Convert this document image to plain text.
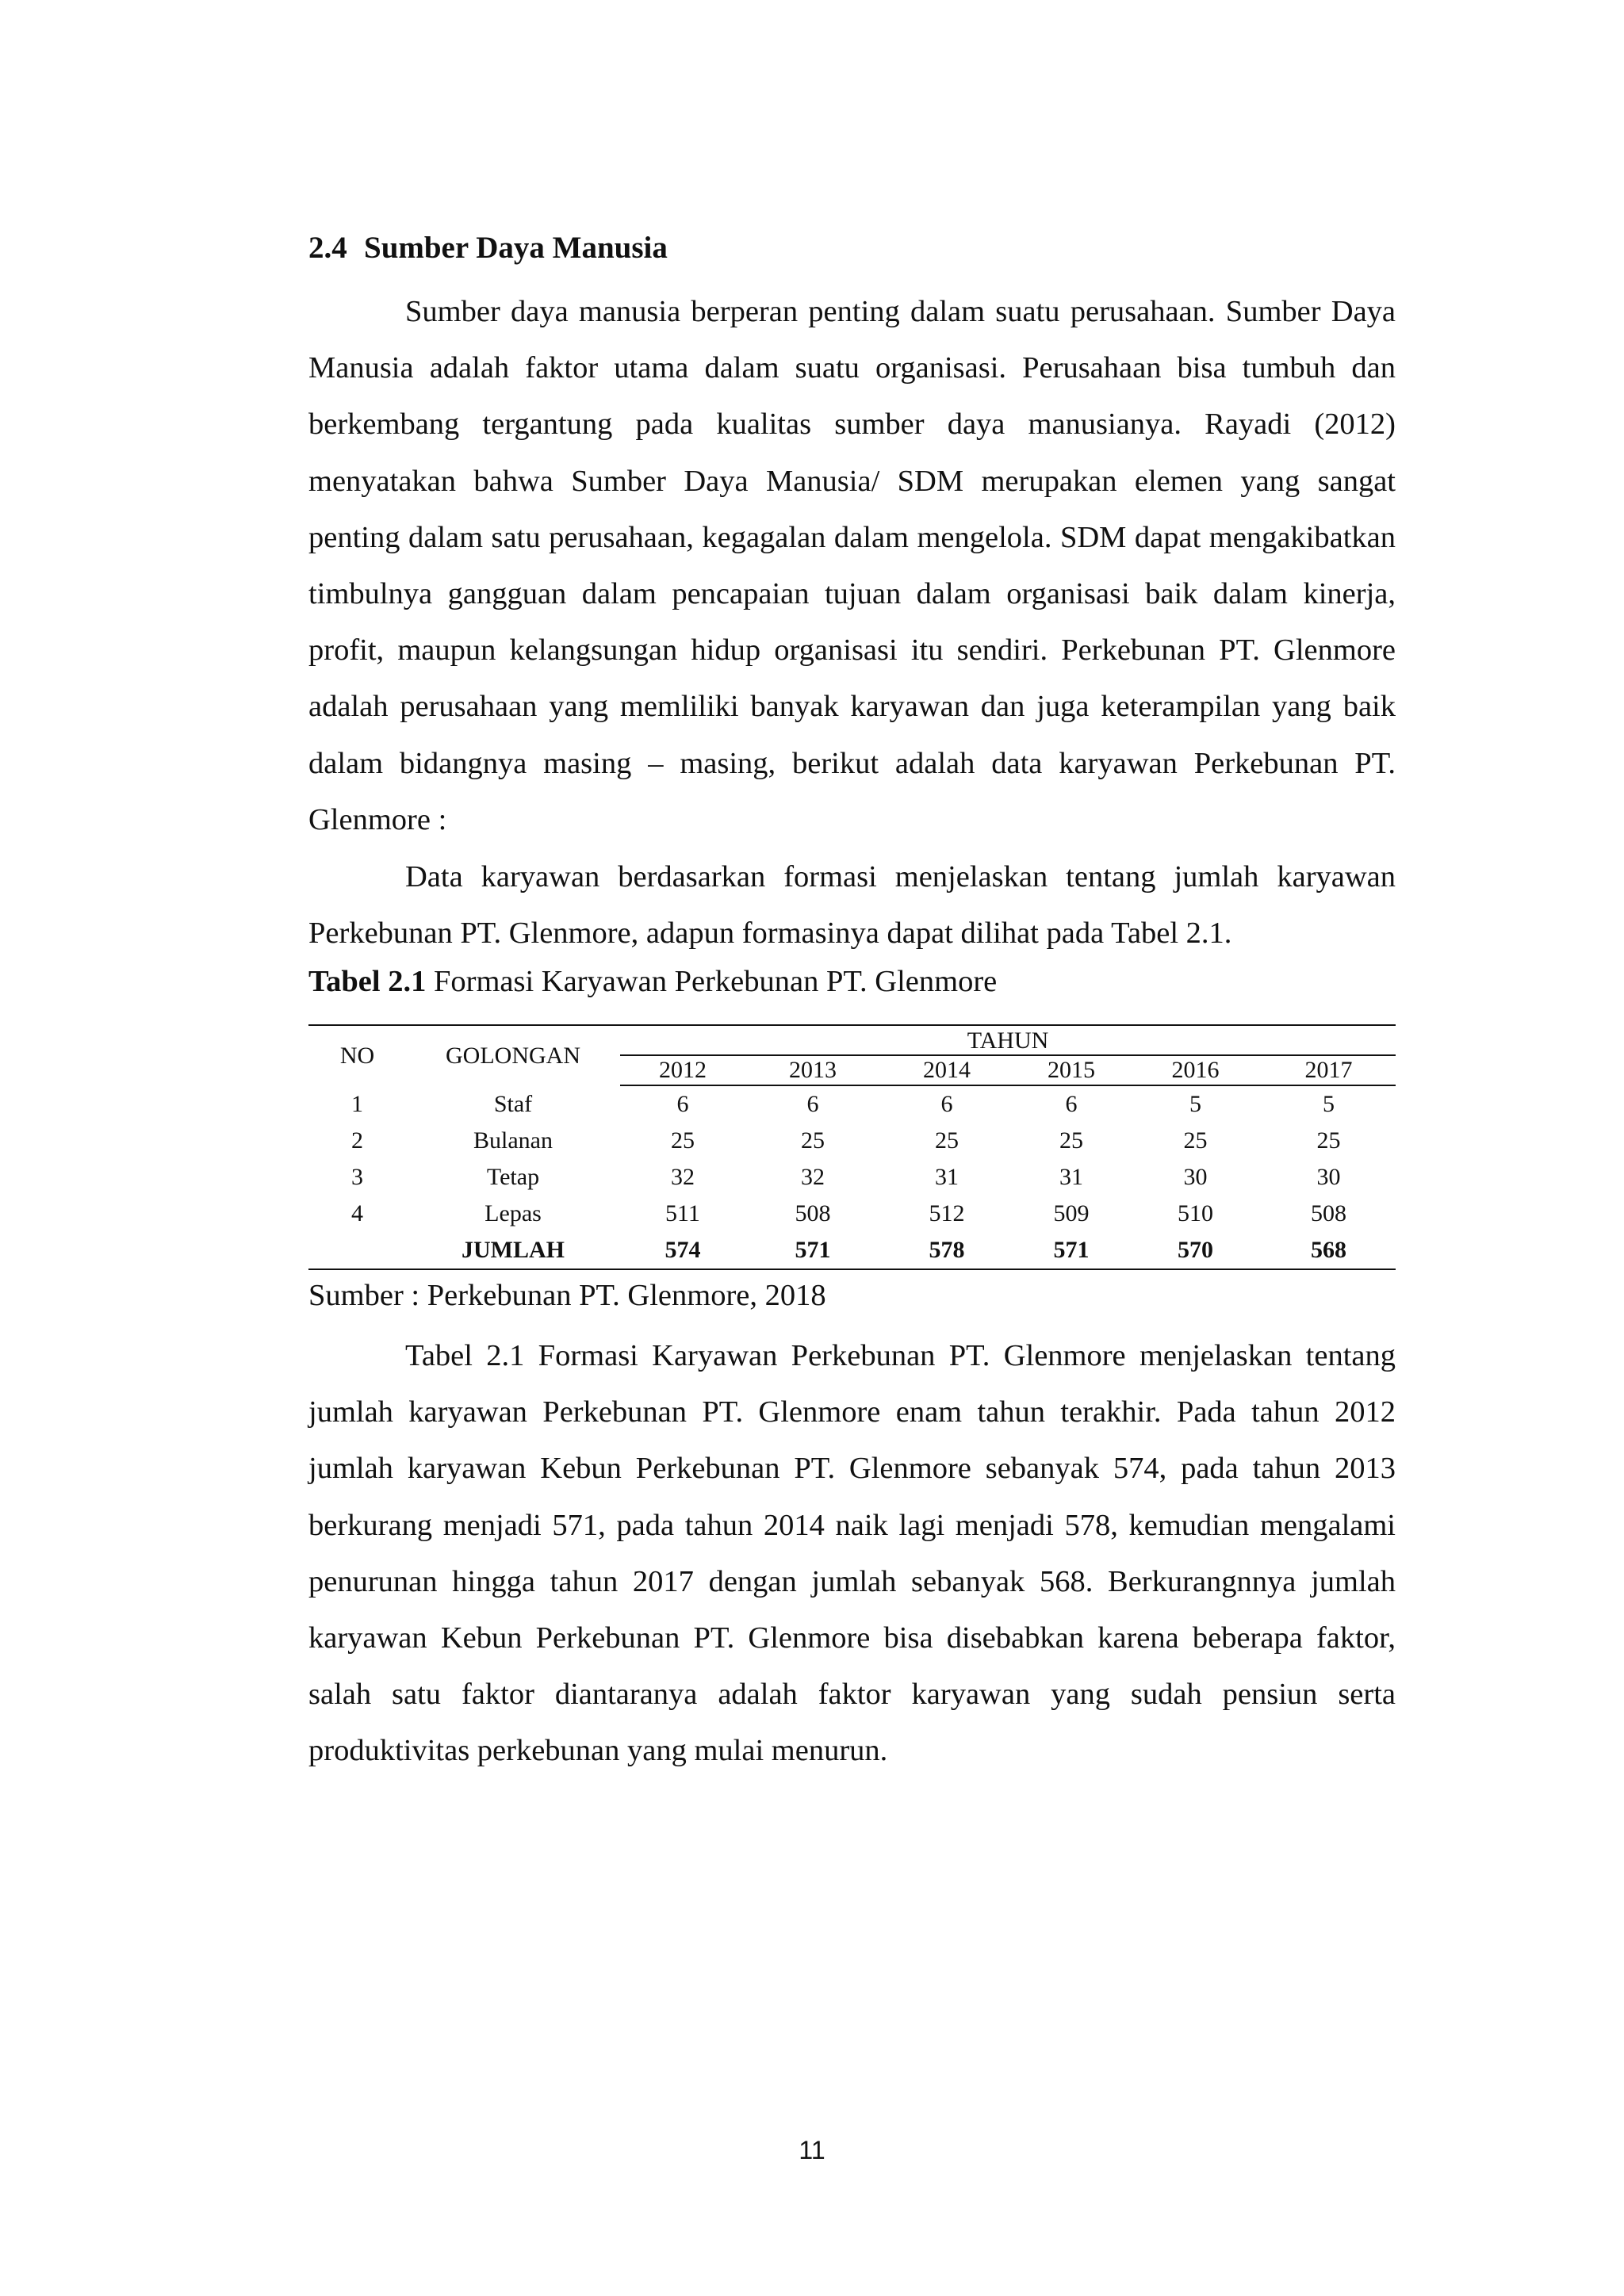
2.4 Sumber Daya Manusia

Sumber daya manusia berperan penting dalam suatu perusahaan. Sumber Daya Manusia adalah faktor utama dalam suatu organisasi. Perusahaan bisa tumbuh dan berkembang tergantung pada kualitas sumber daya manusianya. Rayadi (2012) menyatakan bahwa Sumber Daya Manusia/ SDM merupakan elemen yang sangat penting dalam satu perusahaan, kegagalan dalam mengelola. SDM dapat mengakibatkan timbulnya gangguan dalam pencapaian tujuan dalam organisasi baik dalam kinerja, profit, maupun kelangsungan hidup organisasi itu sendiri. Perkebunan PT. Glenmore adalah perusahaan yang memliliki banyak karyawan dan juga keterampilan yang baik dalam bidangnya masing – masing, berikut adalah data karyawan Perkebunan PT. Glenmore :

Data karyawan berdasarkan formasi menjelaskan tentang jumlah karyawan Perkebunan PT. Glenmore, adapun formasinya dapat dilihat pada Tabel 2.1.

Tabel 2.1 Formasi Karyawan Perkebunan PT. Glenmore

NO	GOLONGAN	TAHUN					
		2012	2013	2014	2015	2016	2017
1	Staf	6	6	6	6	5	5
2	Bulanan	25	25	25	25	25	25
3	Tetap	32	32	31	31	30	30
4	Lepas	511	508	512	509	510	508
	JUMLAH	574	571	578	571	570	568

Sumber : Perkebunan PT. Glenmore, 2018

Tabel 2.1 Formasi Karyawan Perkebunan PT. Glenmore menjelaskan tentang jumlah karyawan Perkebunan PT. Glenmore enam tahun terakhir. Pada tahun 2012 jumlah karyawan Kebun Perkebunan PT. Glenmore sebanyak 574, pada tahun 2013 berkurang menjadi 571, pada tahun 2014 naik lagi menjadi 578, kemudian mengalami penurunan hingga tahun 2017 dengan jumlah sebanyak 568. Berkurangnnya jumlah karyawan Kebun Perkebunan PT. Glenmore bisa disebabkan karena beberapa faktor, salah satu faktor diantaranya adalah faktor karyawan yang sudah pensiun serta produktivitas perkebunan yang mulai menurun.

11
